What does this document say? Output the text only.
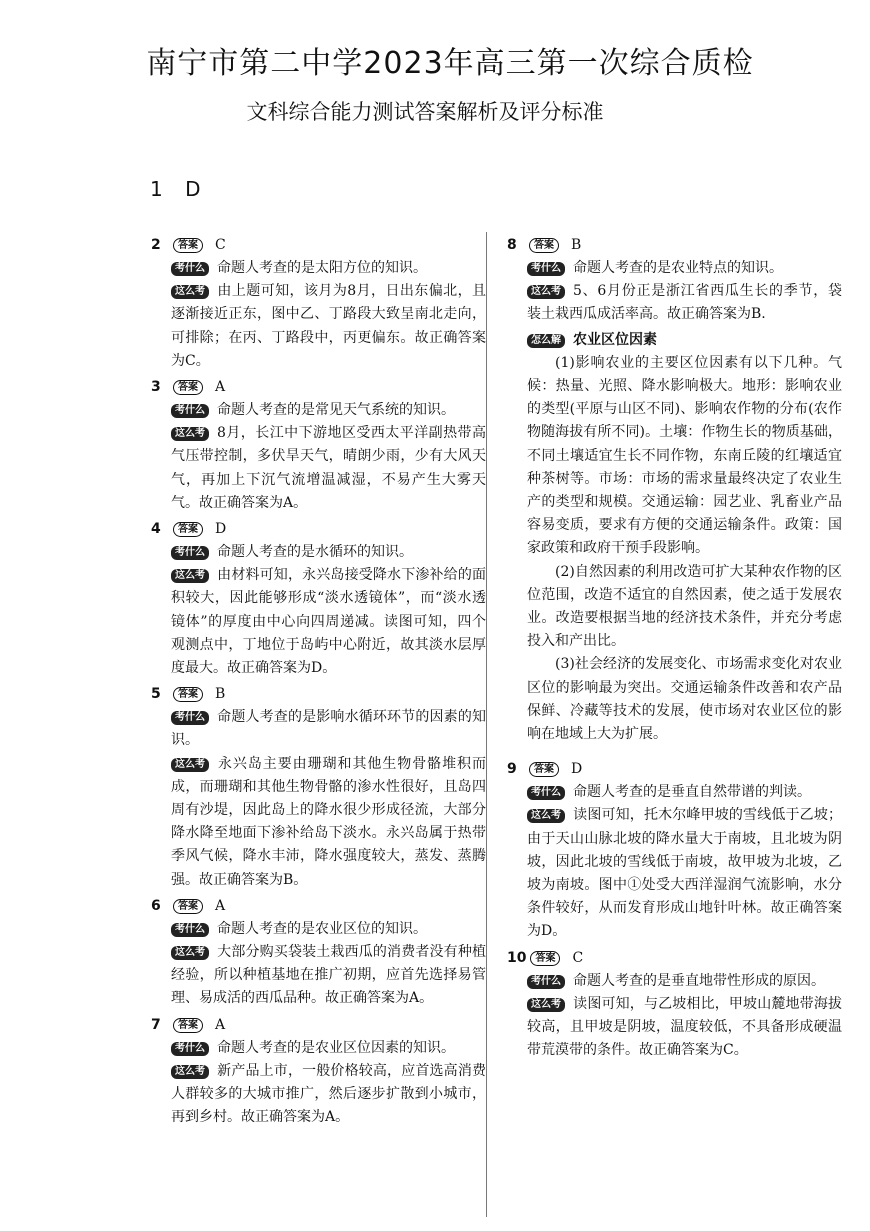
南宁市第二中学2023年高三第一次综合质检
文科综合能力测试答案解析及评分标准
1 D
2	答案	C
考什么 命题人考查的是太阳方位的知识。
这么考 由上题可知，该月为8月，日出东偏北，且逐渐接近正东，图中乙、丁路段大致呈南北走向，可排除；在丙、丁路段中，丙更偏东。故正确答案为C。
3	答案	A
考什么 命题人考查的是常见天气系统的知识。
这么考 8月，长江中下游地区受西太平洋副热带高气压带控制，多伏旱天气，晴朗少雨，少有大风天气，再加上下沉气流增温减湿，不易产生大雾天气。故正确答案为A。
4	答案	D
考什么 命题人考查的是水循环的知识。
这么考 由材料可知，永兴岛接受降水下渗补给的面积较大，因此能够形成“淡水透镜体”，而“淡水透镜体”的厚度由中心向四周递减。读图可知，四个观测点中，丁地位于岛屿中心附近，故其淡水层厚度最大。故正确答案为D。
5	答案	B
考什么 命题人考查的是影响水循环环节的因素的知识。
这么考 永兴岛主要由珊瑚和其他生物骨骼堆积而成，而珊瑚和其他生物骨骼的渗水性很好，且岛四周有沙堤，因此岛上的降水很少形成径流，大部分降水降至地面下渗补给岛下淡水。永兴岛属于热带季风气候，降水丰沛，降水强度较大，蒸发、蒸腾强。故正确答案为B。
6	答案	A
考什么 命题人考查的是农业区位的知识。
这么考 大部分购买袋装土栽西瓜的消费者没有种植经验，所以种植基地在推广初期，应首先选择易管理、易成活的西瓜品种。故正确答案为A。
7	答案	A
考什么 命题人考查的是农业区位因素的知识。
这么考 新产品上市，一般价格较高，应首选高消费人群较多的大城市推广，然后逐步扩散到小城市，再到乡村。故正确答案为A。
8	答案	B
考什么 命题人考查的是农业特点的知识。
这么考 5、6月份正是浙江省西瓜生长的季节，袋装土栽西瓜成活率高。故正确答案为B.
怎么解 农业区位因素
(1)影响农业的主要区位因素有以下几种。气候：热量、光照、降水影响极大。地形：影响农业的类型(平原与山区不同)、影响农作物的分布(农作物随海拔有所不同)。土壤：作物生长的物质基础，不同土壤适宜生长不同作物，东南丘陵的红壤适宜种茶树等。市场：市场的需求量最终决定了农业生产的类型和规模。交通运输：园艺业、乳畜业产品容易变质，要求有方便的交通运输条件。政策：国家政策和政府干预手段影响。
(2)自然因素的利用改造可扩大某种农作物的区位范围，改造不适宜的自然因素，使之适于发展农业。改造要根据当地的经济技术条件，并充分考虑投入和产出比。
(3)社会经济的发展变化、市场需求变化对农业区位的影响最为突出。交通运输条件改善和农产品保鲜、冷藏等技术的发展，使市场对农业区位的影响在地域上大为扩展。
9	答案	D
考什么 命题人考查的是垂直自然带谱的判读。
这么考 读图可知，托木尔峰甲坡的雪线低于乙坡；由于天山山脉北坡的降水量大于南坡，且北坡为阴坡，因此北坡的雪线低于南坡，故甲坡为北坡，乙坡为南坡。图中①处受大西洋湿润气流影响，水分条件较好，从而发育形成山地针叶林。故正确答案为D。
10 答案	C
考什么 命题人考查的是垂直地带性形成的原因。
这么考 读图可知，与乙坡相比，甲坡山麓地带海拔较高，且甲坡是阴坡，温度较低，不具备形成硬温带荒漠带的条件。故正确答案为C。
